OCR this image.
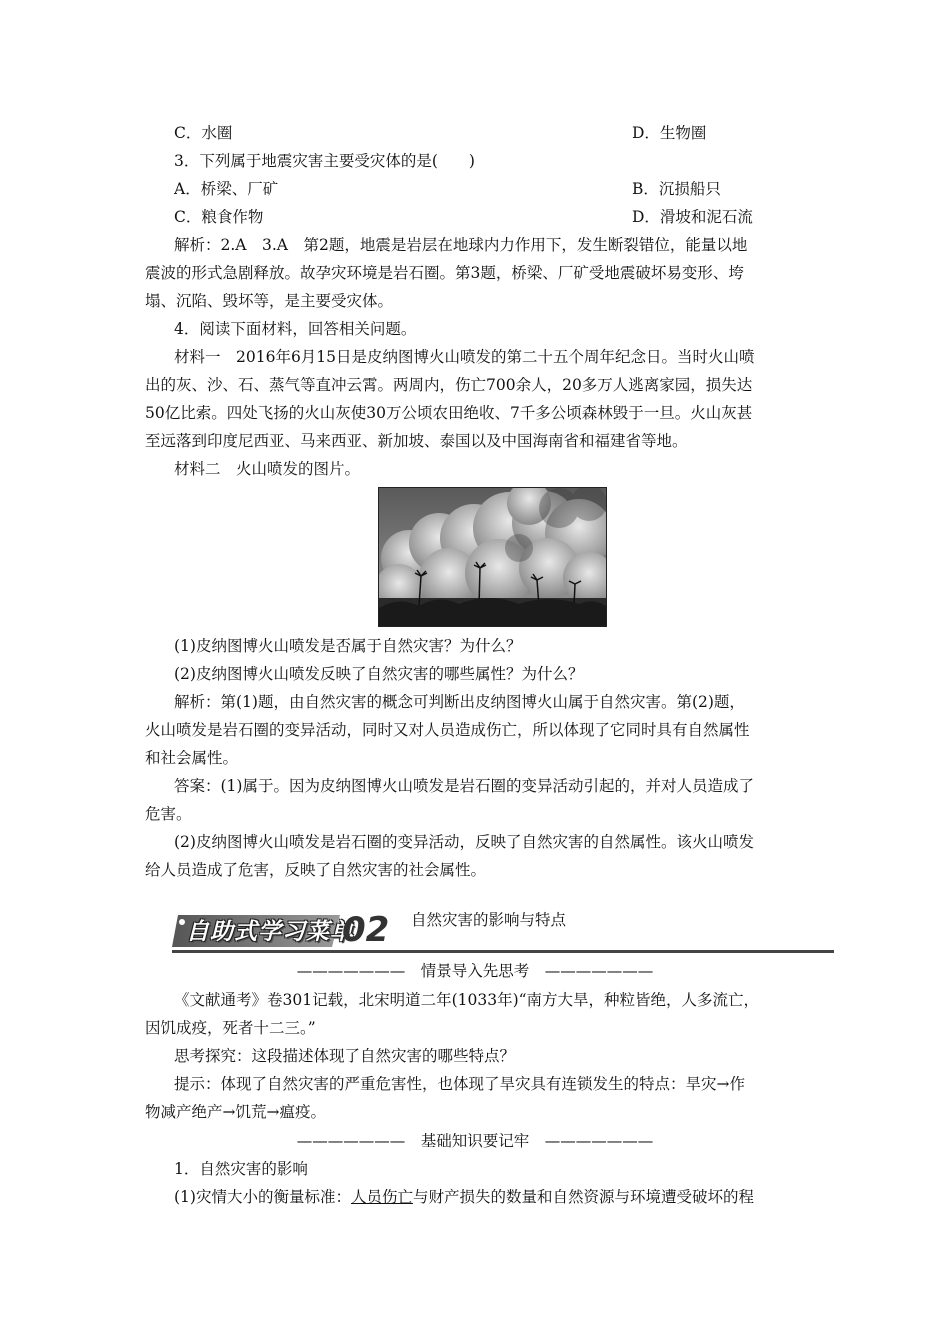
C．水圈	D．生物圈
3．下列属于地震灾害主要受灾体的是(　　)
A．桥梁、厂矿	B．沉损船只
C．粮食作物	D．滑坡和泥石流
解析：2.A　3.A　第2题，地震是岩层在地球内力作用下，发生断裂错位，能量以地
震波的形式急剧释放。故孕灾环境是岩石圈。第3题，桥梁、厂矿受地震破坏易变形、垮
塌、沉陷、毁坏等，是主要受灾体。
4．阅读下面材料，回答相关问题。
材料一　2016年6月15日是皮纳图博火山喷发的第二十五个周年纪念日。当时火山喷
出的灰、沙、石、蒸气等直冲云霄。两周内，伤亡700余人，20多万人逃离家园，损失达
50亿比索。四处飞扬的火山灰使30万公顷农田绝收、7千多公顷森林毁于一旦。火山灰甚
至远落到印度尼西亚、马来西亚、新加坡、泰国以及中国海南省和福建省等地。
材料二　火山喷发的图片。
(1)皮纳图博火山喷发是否属于自然灾害？为什么？
(2)皮纳图博火山喷发反映了自然灾害的哪些属性？为什么？
解析：第(1)题，由自然灾害的概念可判断出皮纳图博火山属于自然灾害。第(2)题，
火山喷发是岩石圈的变异活动，同时又对人员造成伤亡，所以体现了它同时具有自然属性
和社会属性。
答案：(1)属于。因为皮纳图博火山喷发是岩石圈的变异活动引起的，并对人员造成了
危害。
(2)皮纳图博火山喷发是岩石圈的变异活动，反映了自然灾害的自然属性。该火山喷发
给人员造成了危害，反映了自然灾害的社会属性。
自助式学习菜单
02 自然灾害的影响与特点
———————　情景导入先思考　———————
《文献通考》卷301记载，北宋明道二年(1033年)“南方大旱，种粒皆绝，人多流亡，
因饥成疫，死者十二三。”
思考探究：这段描述体现了自然灾害的哪些特点？
提示：体现了自然灾害的严重危害性，也体现了旱灾具有连锁发生的特点：旱灾→作
物减产绝产→饥荒→瘟疫。
———————　基础知识要记牢　———————
1．自然灾害的影响
(1)灾情大小的衡量标准：人员伤亡与财产损失的数量和自然资源与环境遭受破坏的程
